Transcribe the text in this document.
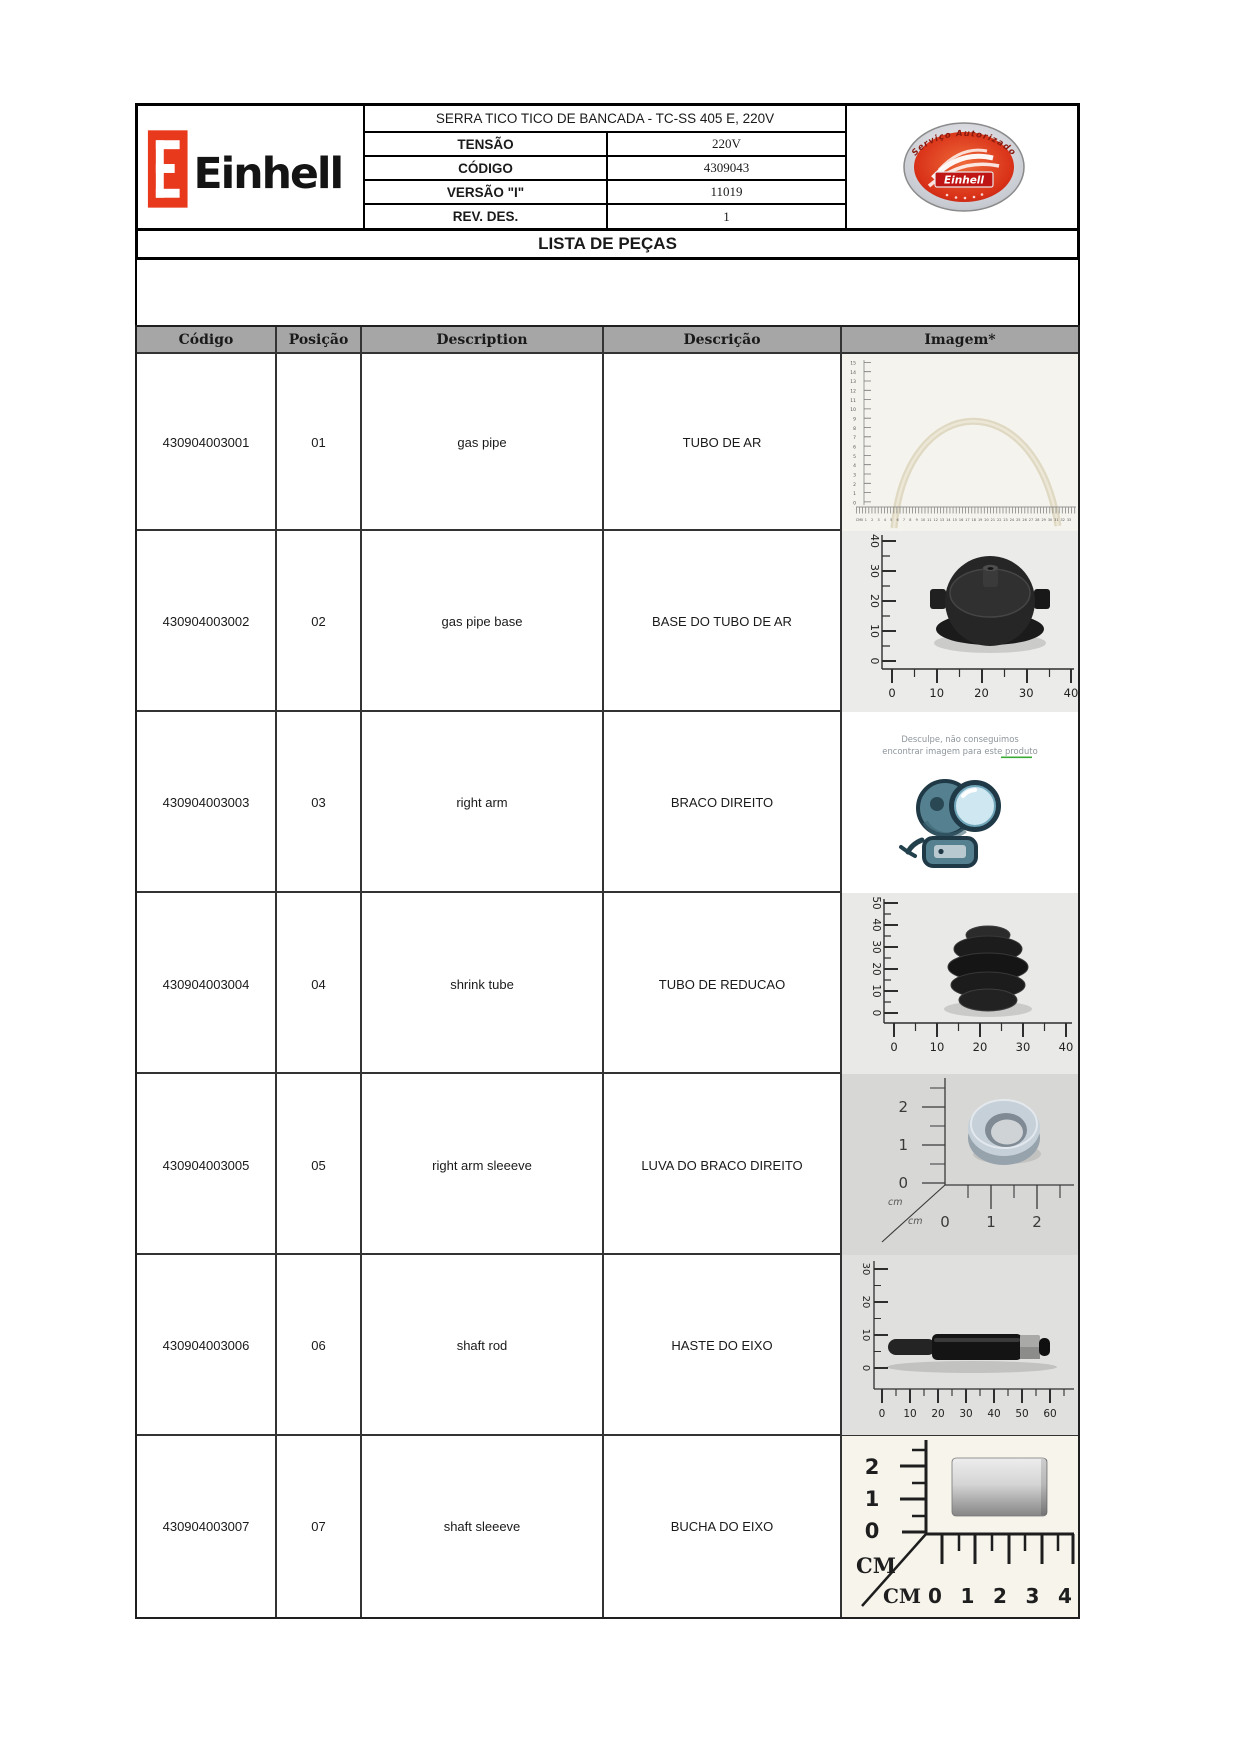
Einhell
SERRA TICO TICO DE BANCADA - TC-SS 405 E, 220V
TENSÃO	220V
CÓDIGO	4309043
VERSÃO "I"	11019
REV. DES.	1
Einhell
Serviço Autorizado
LISTA DE PEÇAS
Código	Posição	Description	Descrição	Imagem*
430904003001	01	gas pipe	TUBO DE AR
15
14
13
12
11
10
9
8
7
6
5
4
3
2
1
0
CM0 1 2 3 4 5 6 7 8 9 10 11 12 13 14 15 16 17 18 19 20 21 22 23 24 25 26 27 28 29 30 31 32 33
430904003002	02	gas pipe base	BASE DO TUBO DE AR
40
30
20
10
0
0	10	20	30	40
430904003003	03	right arm	BRACO DIREITO
Desculpe, não conseguimos
encontrar imagem para este produto
430904003004	04	shrink tube	TUBO DE REDUCAO
50
40
30
20
10
0
0	10 20 30 40
430904003005	05	right arm sleeeve	LUVA DO BRACO DIREITO
2
1
0
0 1 2
cm
cm
430904003006	06	shaft rod	HASTE DO EIXO
30
20
10
0
0 10 20 30 40 50 60
430904003007	07	shaft sleeeve	BUCHA DO EIXO
2
1
0
CM
CM 0 1 2 3 4
